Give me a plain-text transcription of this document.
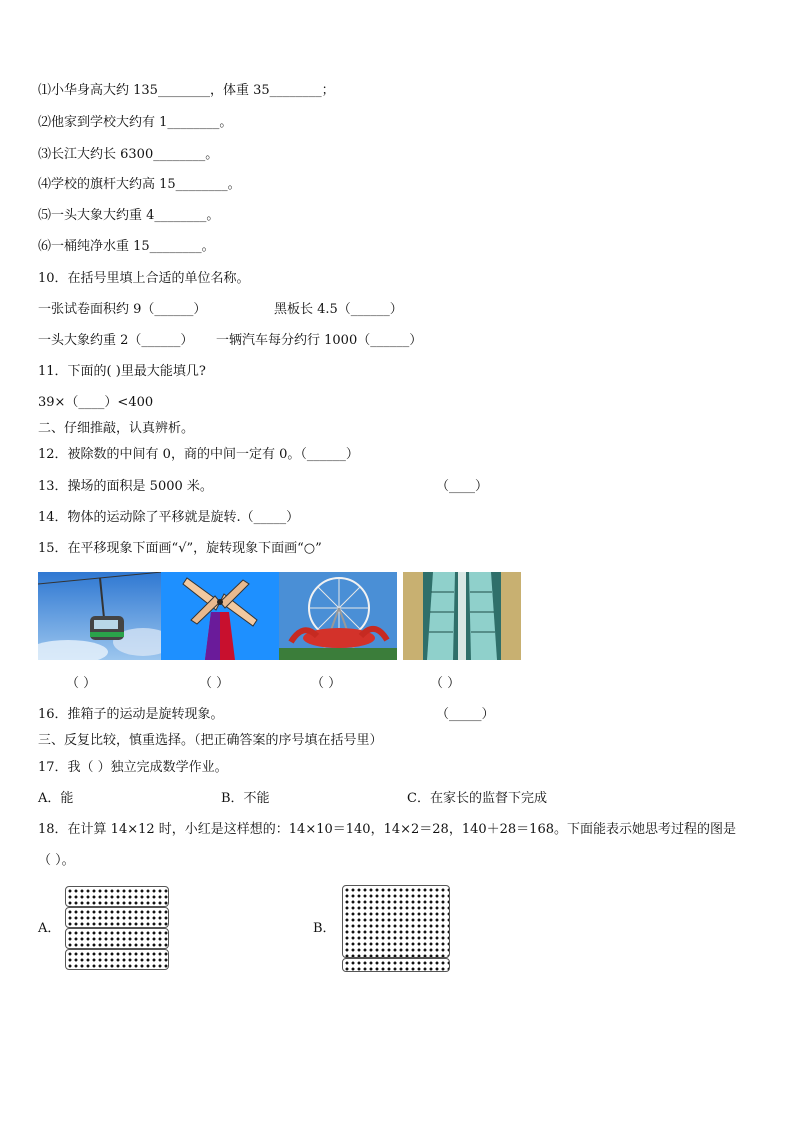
⑴小华身高大约 135________，体重 35________；
⑵他家到学校大约有 1________。
⑶长江大约长 6300________。
⑷学校的旗杆大约高 15________。
⑸一头大象大约重 4________。
⑹一桶纯净水重 15________。
10．在括号里填上合适的单位名称。
一张试卷面积约 9（______）	黑板长 4.5（______）
一头大象约重 2（______） 一辆汽车每分约行 1000（______）
11．下面的( )里最大能填几?
39×（____）<400
二、仔细推敲，认真辨析。
12．被除数的中间有 0，商的中间一定有 0。（______）
13．操场的面积是 5000 米。	（____）
14．物体的运动除了平移就是旋转.（_____）
15．在平移现象下面画“√”，旋转现象下面画“○”
（ ）	（ ）	（ ）	（ ）
16．推箱子的运动是旋转现象。	（_____）
三、反复比较，慎重选择。（把正确答案的序号填在括号里）
17．我（ ）独立完成数学作业。
A．能	B．不能	C．在家长的监督下完成
18．在计算 14×12 时，小红是这样想的：14×10＝140，14×2＝28，140＋28＝168。下面能表示她思考过程的图是
（ ）。
A．	B．
